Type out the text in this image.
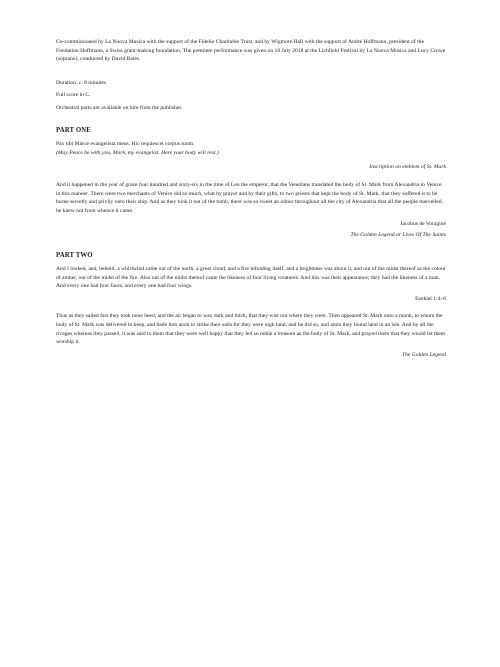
Co-commissioned by La Nuova Musica with the support of the Fidelio Charitable Trust, and by Wigmore Hall with the support of André Hoffmann, president of the Fondation Hoffmann, a Swiss grant-making foundation. The premiere performance was given on 10 July 2018 at the Lichfield Festival by La Nuova Musica and Lucy Crowe (soprano), conducted by David Bates.

Duration: c. 8 minutes

Full score in C.

Orchestral parts are available on hire from the publisher.

PART ONE

Pax tibi Marce evangelista meus. Hic requiescet corpus tuum.

(May Peace be with you, Mark, my evangelist. Here your body will rest.)

Inscription on emblem of St. Mark

And it happened in the year of grace four hundred and sixty-six in the time of Leo the emperor, that the Venetians translated the body of St. Mark from Alexandria to Venice in this manner. There were two merchants of Venice did so much, what by prayer and by their gifts, to two priests that kept the body of St. Mark, that they suffered it to be borne secretly and privily unto their ship. And as they took it out of the tomb, there was so sweet an odour throughout all the city of Alexandria that all the people marvelled, he knew not from whence it came.

Jacobus de Voragine

The Golden Legend or Lives Of The Saints

PART TWO

And I looked, and, behold, a whirlwind came out of the north, a great cloud, and a fire infolding itself, and a brightness was about it, and out of the midst thereof as the colour of amber, out of the midst of the fire. Also out of the midst thereof came the likeness of four living creatures. And this was their appearance; they had the likeness of a man. And every one had four faces, and every one had four wings.

Ezekiel 1:4–6

Thus as they sailed fast they took none heed, and the air began to wax dark and thick, that they wist not where they were. Then appeared St. Mark unto a monk, to whom the body of St. Mark was delivered to keep, and bade him anon to strike their sails for they were nigh land, and he did so, and anon they found land in an isle. And by all the rivages whereas they passed, it was said to them that they were well happy that they led so noble a treasure as the body of St. Mark, and prayed them that they would let them worship it.

The Golden Legend
